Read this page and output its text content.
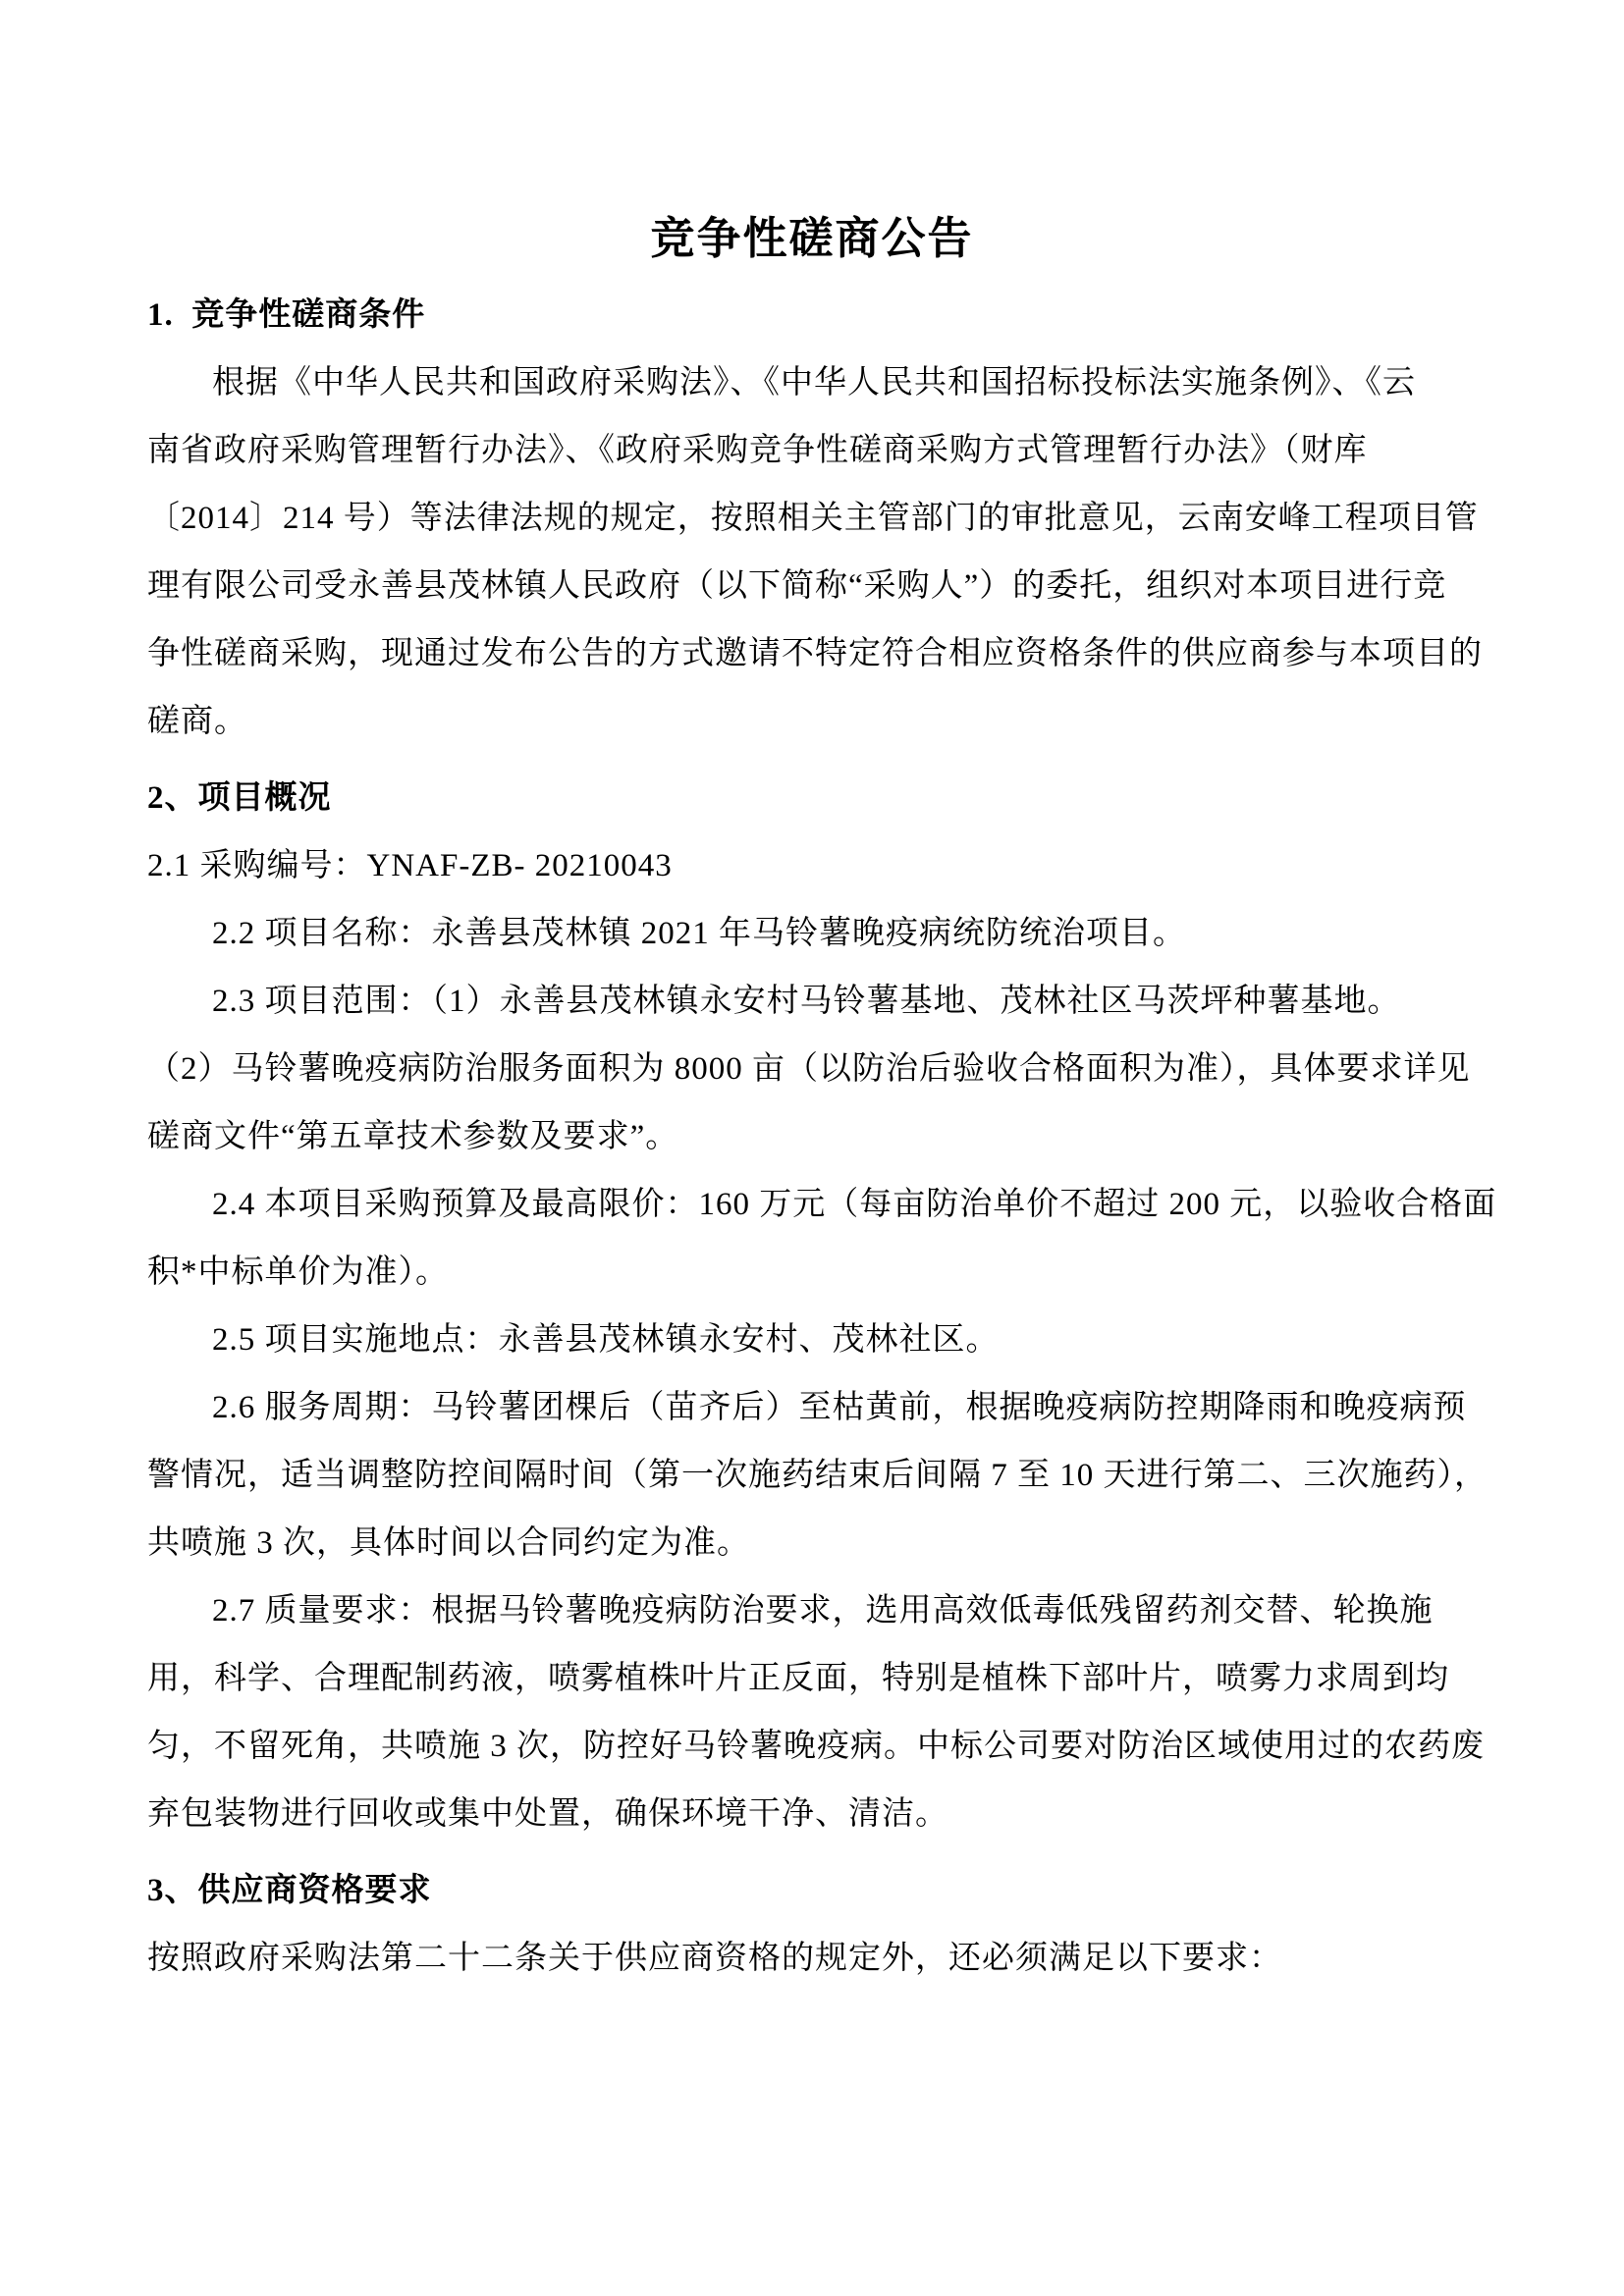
竞争性磋商公告
1.  竞争性磋商条件
根据《中华人民共和国政府采购法》、《中华人民共和国招标投标法实施条例》、《云
南省政府采购管理暂行办法》、《政府采购竞争性磋商采购方式管理暂行办法》（财库
〔2014〕214 号）等法律法规的规定，按照相关主管部门的审批意见，云南安峰工程项目管
理有限公司受永善县茂林镇人民政府（以下简称“采购人”）的委托，组织对本项目进行竞
争性磋商采购，现通过发布公告的方式邀请不特定符合相应资格条件的供应商参与本项目的
磋商。
2、项目概况
2.1 采购编号：YNAF-ZB- 20210043
2.2 项目名称：永善县茂林镇 2021 年马铃薯晚疫病统防统治项目。
2.3 项目范围：（1）永善县茂林镇永安村马铃薯基地、茂林社区马茨坪种薯基地。
（2）马铃薯晚疫病防治服务面积为 8000 亩（以防治后验收合格面积为准），具体要求详见
磋商文件“第五章技术参数及要求”。
2.4 本项目采购预算及最高限价：160 万元（每亩防治单价不超过 200 元，以验收合格面
积*中标单价为准）。
2.5 项目实施地点：永善县茂林镇永安村、茂林社区。
2.6 服务周期：马铃薯团棵后（苗齐后）至枯黄前，根据晚疫病防控期降雨和晚疫病预
警情况，适当调整防控间隔时间（第一次施药结束后间隔 7 至 10 天进行第二、三次施药），
共喷施 3 次，具体时间以合同约定为准。
2.7 质量要求：根据马铃薯晚疫病防治要求，选用高效低毒低残留药剂交替、轮换施
用，科学、合理配制药液，喷雾植株叶片正反面，特别是植株下部叶片，喷雾力求周到均
匀，不留死角，共喷施 3 次，防控好马铃薯晚疫病。中标公司要对防治区域使用过的农药废
弃包装物进行回收或集中处置，确保环境干净、清洁。
3、供应商资格要求
按照政府采购法第二十二条关于供应商资格的规定外，还必须满足以下要求：
